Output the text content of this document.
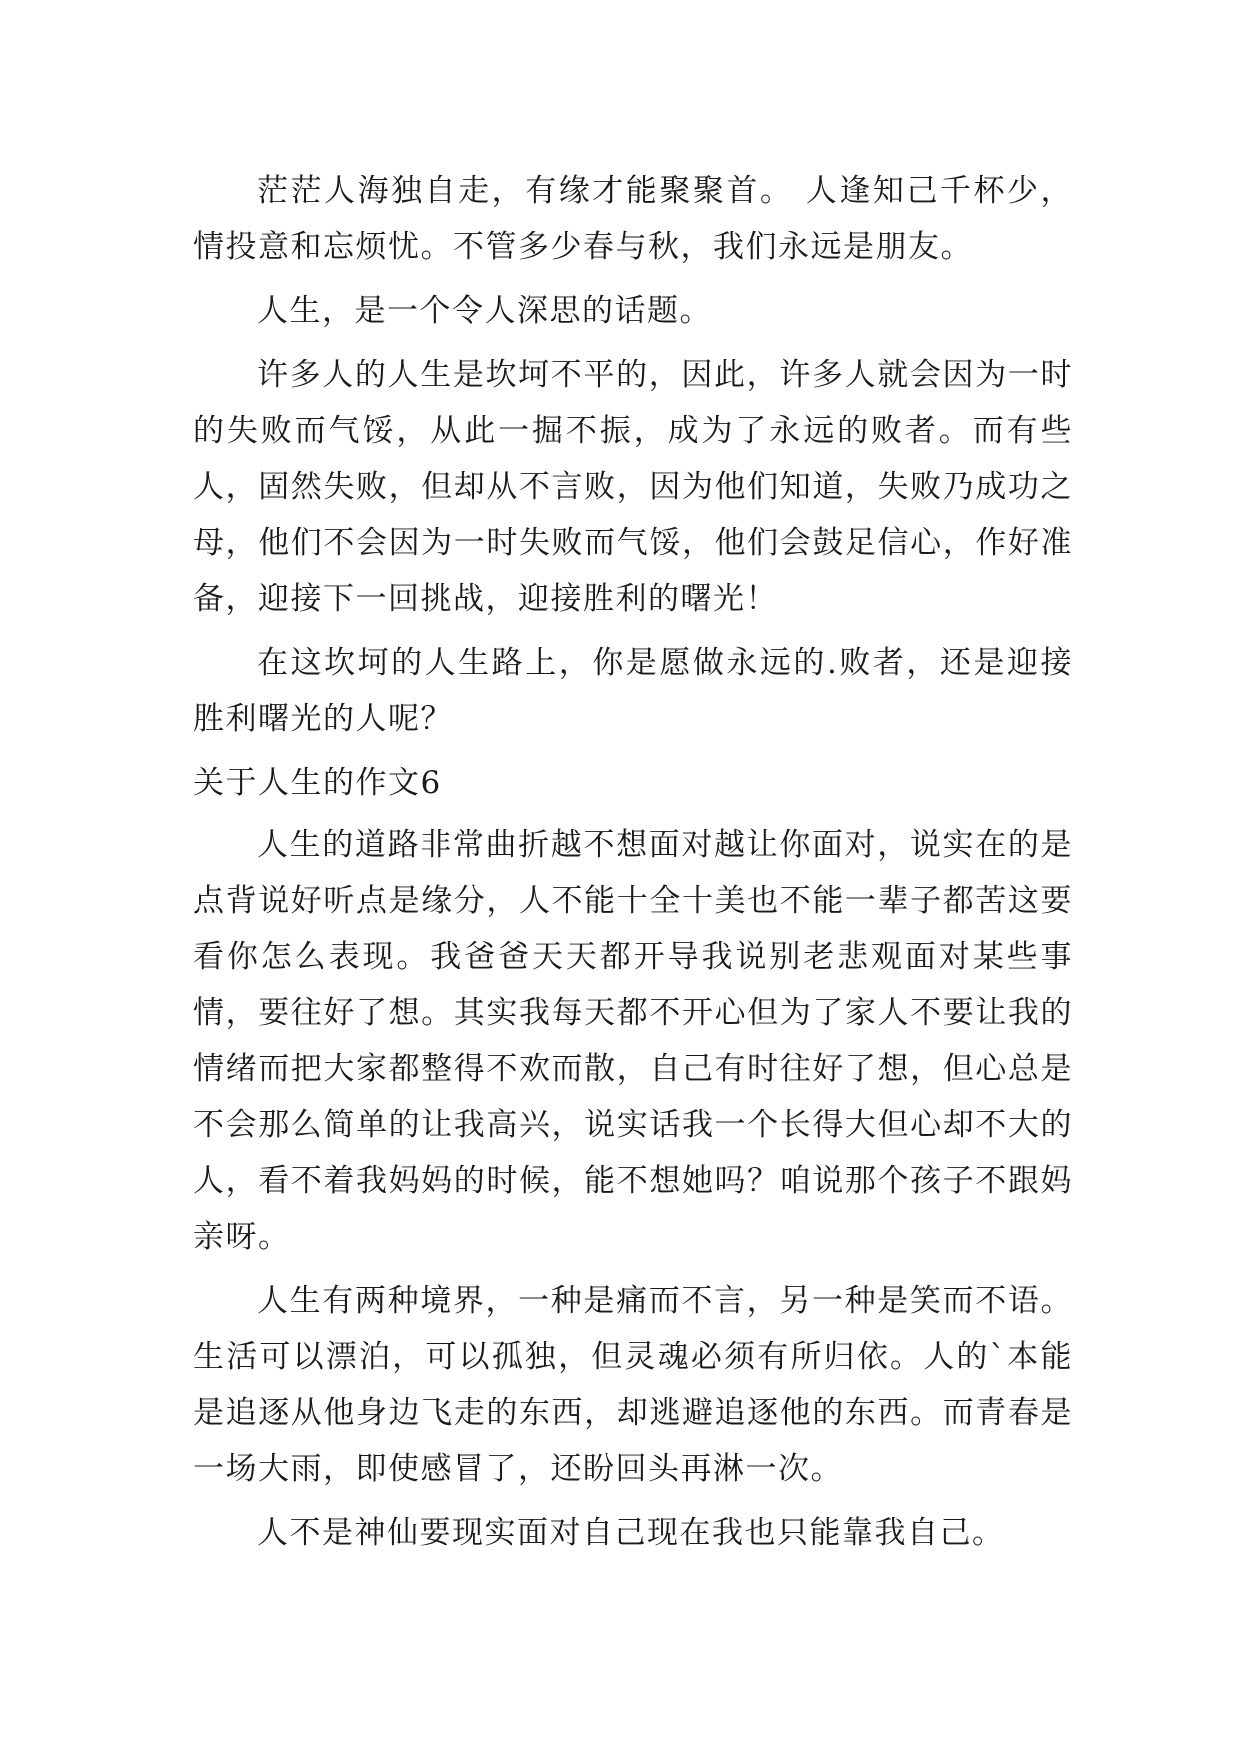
茫茫人海独自走，有缘才能聚聚首。 人逢知己千杯少，情投意和忘烦忧。不管多少春与秋，我们永远是朋友。

人生，是一个令人深思的话题。

许多人的人生是坎坷不平的，因此，许多人就会因为一时的失败而气馁，从此一掘不振，成为了永远的败者。而有些人，固然失败，但却从不言败，因为他们知道，失败乃成功之母，他们不会因为一时失败而气馁，他们会鼓足信心，作好准备，迎接下一回挑战，迎接胜利的曙光！

在这坎坷的人生路上，你是愿做永远的.败者，还是迎接胜利曙光的人呢？

关于人生的作文6

人生的道路非常曲折越不想面对越让你面对，说实在的是点背说好听点是缘分，人不能十全十美也不能一辈子都苦这要看你怎么表现。我爸爸天天都开导我说别老悲观面对某些事情，要往好了想。其实我每天都不开心但为了家人不要让我的情绪而把大家都整得不欢而散，自己有时往好了想，但心总是不会那么简单的让我高兴，说实话我一个长得大但心却不大的人，看不着我妈妈的时候，能不想她吗？咱说那个孩子不跟妈亲呀。

人生有两种境界，一种是痛而不言，另一种是笑而不语。生活可以漂泊，可以孤独，但灵魂必须有所归依。人的`本能是追逐从他身边飞走的东西，却逃避追逐他的东西。而青春是一场大雨，即使感冒了，还盼回头再淋一次。

人不是神仙要现实面对自己现在我也只能靠我自己。
